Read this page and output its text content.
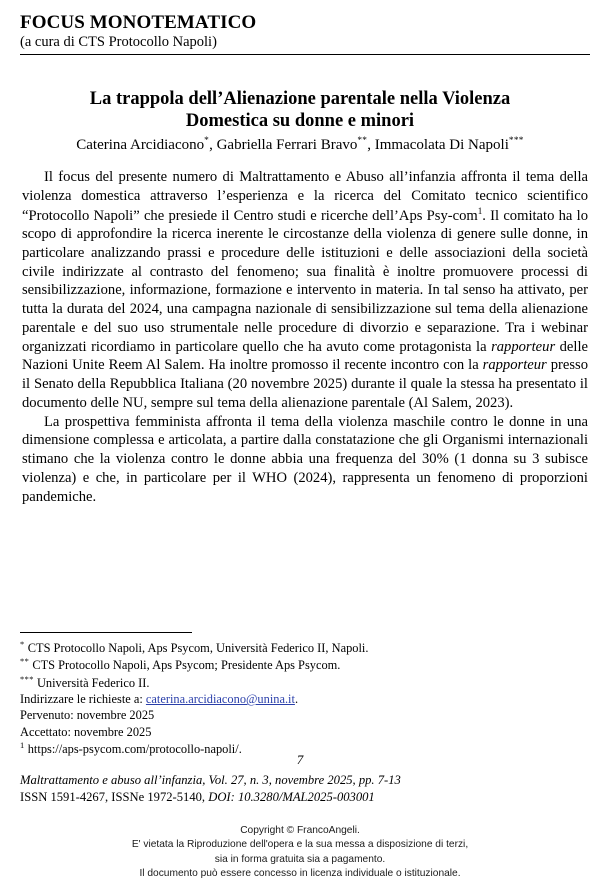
FOCUS MONOTEMATICO
(a cura di CTS Protocollo Napoli)
La trappola dell’Alienazione parentale nella Violenza
Domestica su donne e minori
Caterina Arcidiacono*, Gabriella Ferrari Bravo**, Immacolata Di Napoli***

Il focus del presente numero di Maltrattamento e Abuso all’infanzia affronta il tema della violenza domestica attraverso l’esperienza e la ricerca del Comitato tecnico scientifico “Protocollo Napoli” che presiede il Centro studi e ricerche dell’Aps Psy-com$^1$. Il comitato ha lo scopo di approfondire la ricerca inerente le circostanze della violenza di genere sulle donne, in particolare analizzando prassi e procedure delle istituzioni e delle associazioni della società civile indirizzate al contrasto del fenomeno; sua finalità è inoltre promuovere processi di sensibilizzazione, informazione, formazione e intervento in materia. In tal senso ha attivato, per tutta la durata del 2024, una campagna nazionale di sensibilizzazione sul tema della alienazione parentale e del suo uso strumentale nelle procedure di divorzio e separazione. Tra i webinar organizzati ricordiamo in particolare quello che ha avuto come protagonista la rapporteur delle Nazioni Unite Reem Al Salem. Ha inoltre promosso il recente incontro con la rapporteur presso il Senato della Repubblica Italiana (20 novembre 2025) durante il quale la stessa ha presentato il documento delle NU, sempre sul tema della alienazione parentale (Al Salem, 2023).

La prospettiva femminista affronta il tema della violenza maschile contro le donne in una dimensione complessa e articolata, a partire dalla constatazione che gli Organismi internazionali stimano che la violenza contro le donne abbia una frequenza del 30% (1 donna su 3 subisce violenza) e che, in particolare per il WHO (2024), rappresenta un fenomeno di proporzioni pandemiche.

* CTS Protocollo Napoli, Aps Psycom, Università Federico II, Napoli.
** CTS Protocollo Napoli, Aps Psycom; Presidente Aps Psycom.
*** Università Federico II.
Indirizzare le richieste a: caterina.arcidiacono@unina.it.
Pervenuto: novembre 2025
Accettato: novembre 2025
$^1$ https://aps-psycom.com/protocollo-napoli/.
7
Maltrattamento e abuso all’infanzia, Vol. 27, n. 3, novembre 2025, pp. 7-13
ISSN 1591-4267, ISSNe 1972-5140, DOI: 10.3280/MAL2025-003001
Copyright © FrancoAngeli.
E' vietata la Riproduzione dell'opera e la sua messa a disposizione di terzi,
sia in forma gratuita sia a pagamento.
Il documento può essere concesso in licenza individuale o istituzionale.
